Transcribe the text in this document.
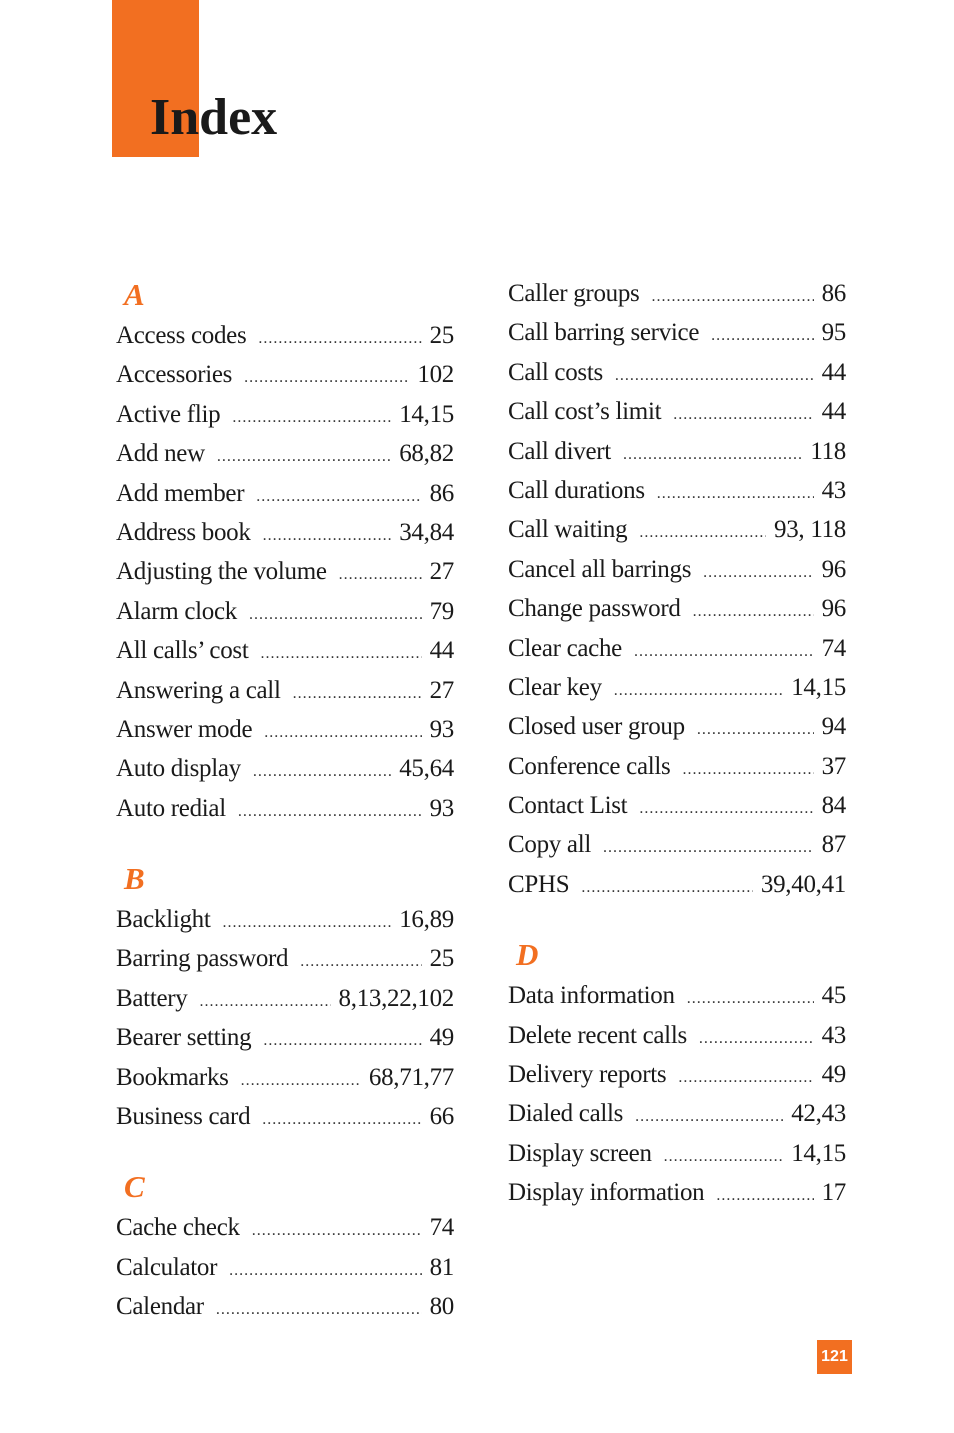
Index
A
Access codes .....	25
Accessories .....	102
Active flip .....	14,15
Add new .....	68,82
Add member .....	86
Address book .....	34,84
Adjusting the volume .....	27
Alarm clock .....	79
All calls’ cost .....	44
Answering a call .....	27
Answer mode .....	93
Auto display .....	45,64
Auto redial .....	93
B
Backlight .....	16,89
Barring password .....	25
Battery .....	8,13,22,102
Bearer setting .....	49
Bookmarks .....	68,71,77
Business card .....	66
C
Cache check .....	74
Calculator .....	81
Calendar .....	80
Caller groups .....	86
Call barring service .....	95
Call costs .....	44
Call cost’s limit .....	44
Call divert .....	118
Call durations .....	43
Call waiting .....	93, 118
Cancel all barrings .....	96
Change password .....	96
Clear cache .....	74
Clear key .....	14,15
Closed user group .....	94
Conference calls .....	37
Contact List .....	84
Copy all .....	87
CPHS .....	39,40,41
D
Data information .....	45
Delete recent calls .....	43
Delivery reports .....	49
Dialed calls .....	42,43
Display screen .....	14,15
Display information .....	17
121
